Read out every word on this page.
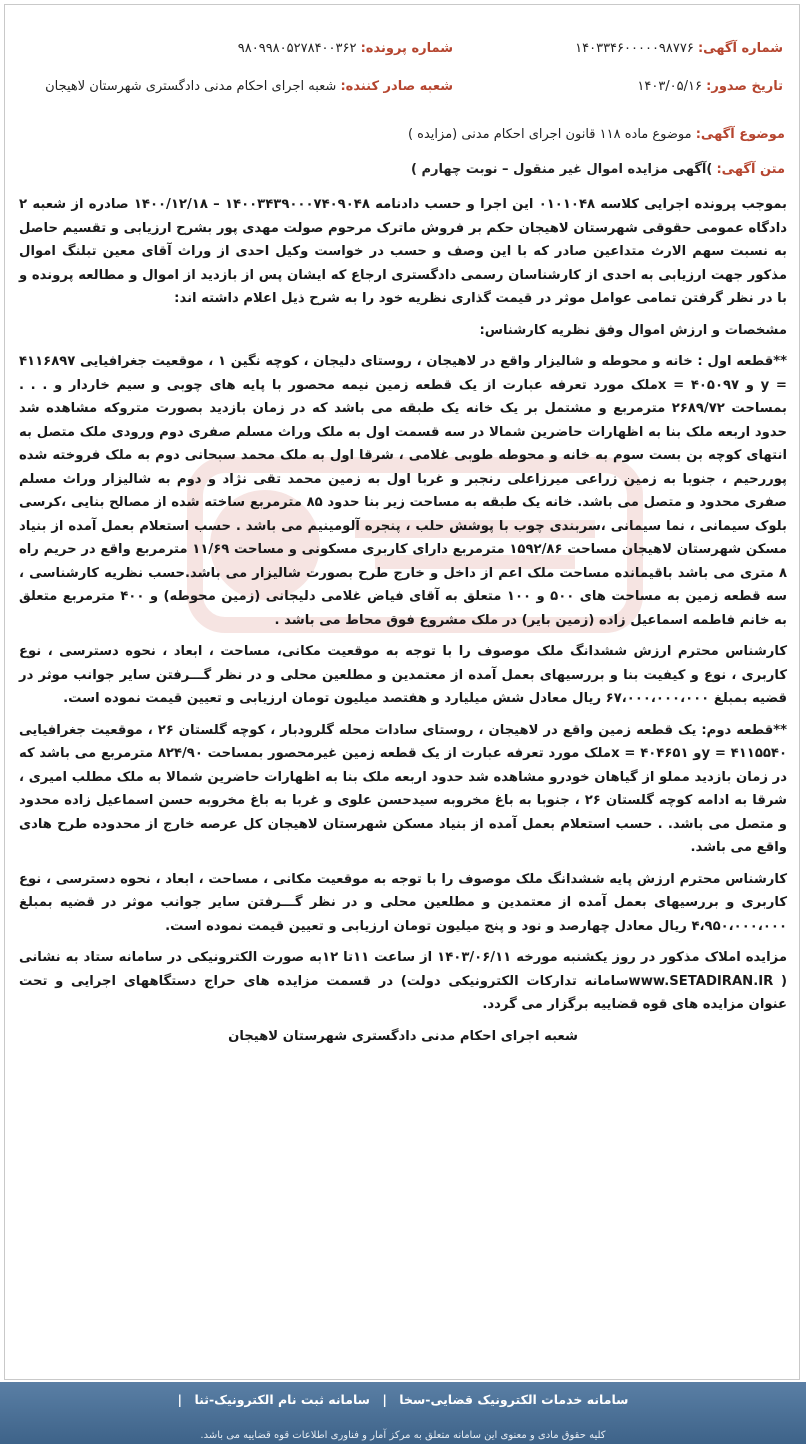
شماره آگهی: ۱۴۰۳۳۴۶۰۰۰۰۰۹۸۷۷۶
شماره پرونده: ۹۸۰۹۹۸۰۵۲۷۸۴۰۰۳۶۲
تاریخ صدور: ۱۴۰۳/۰۵/۱۶
شعبه صادر کننده: شعبه اجرای احکام مدنی دادگستری شهرستان لاهیجان
موضوع آگهی: موضوع ماده ۱۱۸ قانون اجرای احکام مدنی (مزایده )
متن آگهی: )آگهی مزایده اموال غیر منقول – نوبت چهارم )

بموجب پرونده اجرایی کلاسه ۰۱۰۱۰۴۸ این اجرا و حسب دادنامه ۱۴۰۰۳۴۳۹۰۰۰۷۴۰۹۰۴۸ – ۱۴۰۰/۱۲/۱۸ صادره از شعبه ۲ دادگاه عمومی حقوقی شهرستان لاهیجان حکم بر فروش ماترک مرحوم صولت مهدی پور بشرح ارزیابی و تقسیم حاصل به نسبت سهم الارث متداعین صادر که با این وصف و حسب در خواست وکیل احدی از وراث آقای معین تبلنگ اموال مذکور جهت ارزیابی به احدی از کارشناسان رسمی دادگستری ارجاع که ایشان پس از بازدید از اموال و مطالعه پرونده و با در نظر گرفتن تمامی عوامل موثر در قیمت گذاری نظریه خود را به شرح ذیل اعلام داشته اند:

مشخصات و ارزش اموال وفق نظریه کارشناس:

**قطعه اول : خانه و محوطه و شالیزار واقع در لاهیجان ، روستای دلیجان ، کوچه نگین ۱ ، موقعیت جغرافیایی ۴۱۱۶۸۹۷ = y و ۴۰۵۰۹۷ = xملک مورد تعرفه عبارت از یک قطعه زمین نیمه محصور با پایه های چوبی و سیم خاردار و . . . بمساحت ۲۶۸۹/۷۲ مترمربع و مشتمل بر یک خانه یک طبقه می باشد که در زمان بازدید بصورت متروکه مشاهده شد حدود اربعه ملک بنا به اظهارات حاضرین شمالا در سه قسمت اول به ملک وراث مسلم صفری دوم ورودی ملک متصل به انتهای کوچه بن بست سوم به خانه و محوطه طوبی غلامی ، شرقا اول به ملک محمد سبحانی دوم به ملک فروخته شده پوررحیم ، جنوبا به زمین زراعی میرزاعلی رنجبر و غربا اول به زمین محمد تقی نژاد و دوم به شالیزار وراث مسلم صفری محدود و متصل می باشد. خانه یک طبقه به مساحت زیر بنا حدود ۸۵ مترمربع ساخته شده از مصالح بنایی ،کرسی بلوک سیمانی ، نما سیمانی ،سربندی چوب با پوشش حلب ، پنجره آلومینیم می باشد . حسب استعلام بعمل آمده از بنیاد مسکن شهرستان لاهیجان مساحت ۱۵۹۲/۸۶ مترمربع دارای کاربری مسکونی و مساحت ۱۱/۶۹ مترمربع واقع در حریم راه ۸ متری می باشد باقیمانده مساحت ملک اعم از داخل و خارج طرح بصورت شالیزار می باشد.حسب نظریه کارشناسی ، سه قطعه زمین به مساحت های ۵۰۰ و ۱۰۰ متعلق به آقای فیاض غلامی دلیجانی (زمین محوطه) و ۴۰۰ مترمربع متعلق به خانم فاطمه اسماعیل زاده (زمین بایر) در ملک مشروع فوق محاط می باشد .

کارشناس محترم ارزش ششدانگ ملک موصوف را با توجه به موقعیت مکانی، مساحت ، ابعاد ، نحوه دسترسی ، نوع کاربری ، نوع و کیفیت بنا و بررسیهای بعمل آمده از معتمدین و مطلعین محلی و در نظر گـــرفتن سایر جوانب موثر در قضیه بمبلغ ۶۷،۰۰۰،۰۰۰،۰۰۰ ریال معادل شش میلیارد و هفتصد میلیون تومان ارزیابی و تعیین قیمت نموده است.

**قطعه دوم: یک قطعه زمین واقع در لاهیجان ، روستای سادات محله گلرودبار ، کوچه گلستان ۲۶ ، موقعیت جغرافیایی ۴۱۱۵۵۴۰ = yو ۴۰۴۶۵۱ = xملک مورد تعرفه عبارت از یک قطعه زمین غیرمحصور بمساحت ۸۲۴/۹۰ مترمربع می باشد که در زمان بازدید مملو از گیاهان خودرو مشاهده شد حدود اربعه ملک بنا به اظهارات حاضرین شمالا به ملک مطلب امیری ، شرقا به ادامه کوچه گلستان ۲۶ ، جنوبا به باغ مخروبه سیدحسن علوی و غربا به باغ مخروبه حسن اسماعیل زاده محدود و متصل می باشد. . حسب استعلام بعمل آمده از بنیاد مسکن شهرستان لاهیجان کل عرصه خارج از محدوده طرح هادی واقع می باشد.

کارشناس محترم ارزش پایه ششدانگ ملک موصوف را با توجه به موقعیت مکانی ، مساحت ، ابعاد ، نحوه دسترسی ، نوع کاربری و بررسیهای بعمل آمده از معتمدین و مطلعین محلی و در نظر گـــرفتن سایر جوانب موثر در قضیه بمبلغ ۴،۹۵۰،۰۰۰،۰۰۰ ریال معادل چهارصد و نود و پنج میلیون تومان ارزیابی و تعیین قیمت نموده است.

مزایده املاک مذکور در روز یکشنبه مورخه ۱۴۰۳/۰۶/۱۱ از ساعت ۱۱تا ۱۲به صورت الکترونیکی در سامانه ستاد به نشانی ( www.SETADIRAN.IRسامانه تدارکات الکترونیکی دولت) در قسمت مزایده های حراج دستگاههای اجرایی و تحت عنوان مزایده های قوه قضاییه برگزار می گردد.

شعبه اجرای احکام مدنی دادگستری شهرستان لاهیجان

سامانه خدمات الکترونیک قضایی-سخا | سامانه ثبت نام الکترونیک-ثنا |
کلیه حقوق مادی و معنوی این سامانه متعلق به مرکز آمار و فناوری اطلاعات قوه قضاییه می باشد.
